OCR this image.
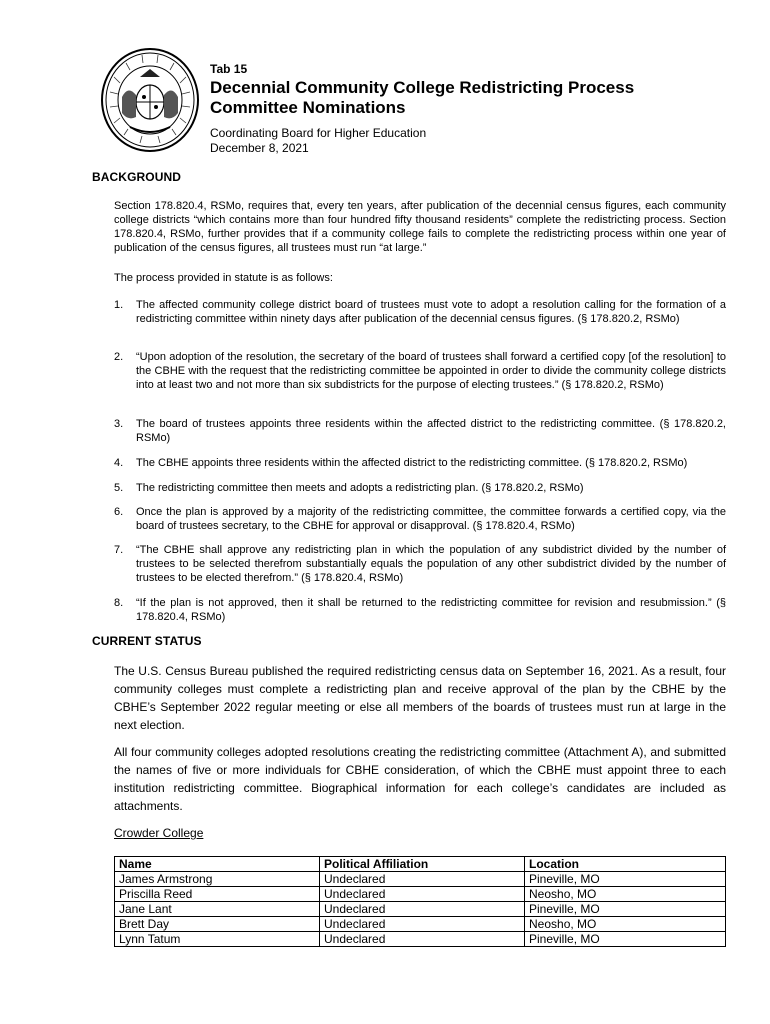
Tab 15
Decennial Community College Redistricting Process
Committee Nominations
Coordinating Board for Higher Education
December 8, 2021
BACKGROUND
Section 178.820.4, RSMo, requires that, every ten years, after publication of the decennial census figures, each community college districts “which contains more than four hundred fifty thousand residents” complete the redistricting process. Section 178.820.4, RSMo, further provides that if a community college fails to complete the redistricting process within one year of publication of the census figures, all trustees must run “at large.”
The process provided in statute is as follows:
1. The affected community college district board of trustees must vote to adopt a resolution calling for the formation of a redistricting committee within ninety days after publication of the decennial census figures. (§ 178.820.2, RSMo)
2. “Upon adoption of the resolution, the secretary of the board of trustees shall forward a certified copy [of the resolution] to the CBHE with the request that the redistricting committee be appointed in order to divide the community college districts into at least two and not more than six subdistricts for the purpose of electing trustees.” (§ 178.820.2, RSMo)
3. The board of trustees appoints three residents within the affected district to the redistricting committee. (§ 178.820.2, RSMo)
4. The CBHE appoints three residents within the affected district to the redistricting committee. (§ 178.820.2, RSMo)
5. The redistricting committee then meets and adopts a redistricting plan. (§ 178.820.2, RSMo)
6. Once the plan is approved by a majority of the redistricting committee, the committee forwards a certified copy, via the board of trustees secretary, to the CBHE for approval or disapproval. (§ 178.820.4, RSMo)
7. “The CBHE shall approve any redistricting plan in which the population of any subdistrict divided by the number of trustees to be selected therefrom substantially equals the population of any other subdistrict divided by the number of trustees to be elected therefrom.” (§ 178.820.4, RSMo)
8. “If the plan is not approved, then it shall be returned to the redistricting committee for revision and resubmission.” (§ 178.820.4, RSMo)
CURRENT STATUS
The U.S. Census Bureau published the required redistricting census data on September 16, 2021. As a result, four community colleges must complete a redistricting plan and receive approval of the plan by the CBHE by the CBHE’s September 2022 regular meeting or else all members of the boards of trustees must run at large in the next election.
All four community colleges adopted resolutions creating the redistricting committee (Attachment A), and submitted the names of five or more individuals for CBHE consideration, of which the CBHE must appoint three to each institution redistricting committee. Biographical information for each college’s candidates are included as attachments.
Crowder College
Name	Political Affiliation	Location
James Armstrong	Undeclared	Pineville, MO
Priscilla Reed	Undeclared	Neosho, MO
Jane Lant	Undeclared	Pineville, MO
Brett Day	Undeclared	Neosho, MO
Lynn Tatum	Undeclared	Pineville, MO
